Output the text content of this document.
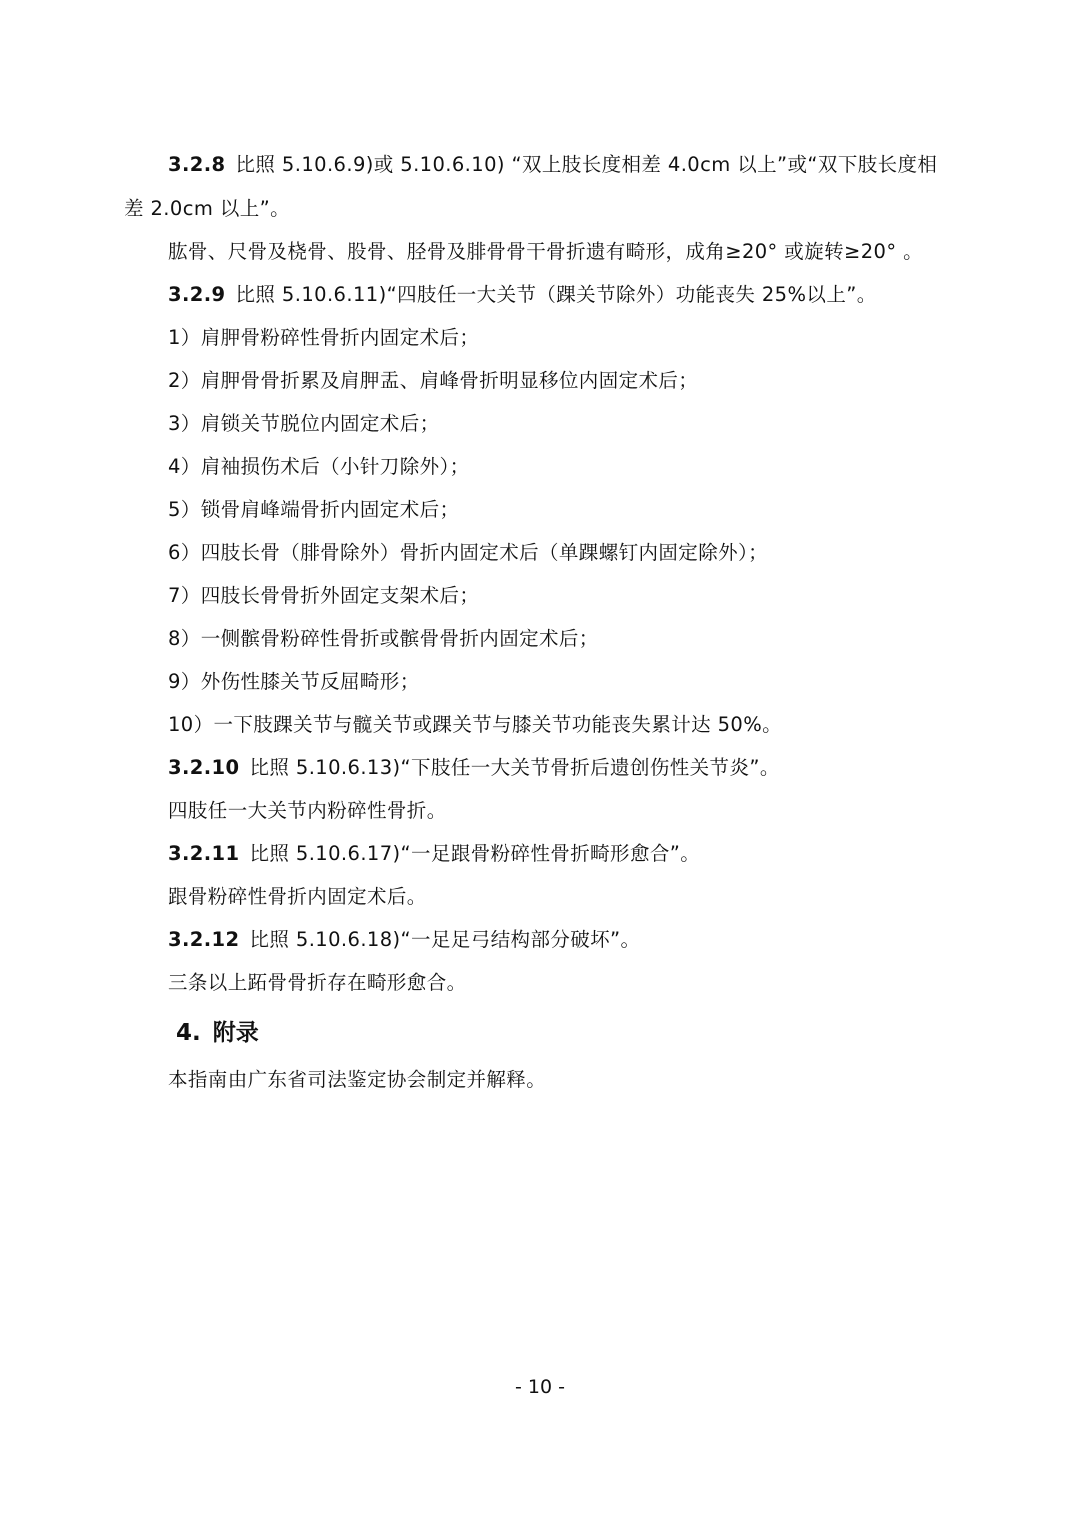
3.2.8 比照 5.10.6.9)或 5.10.6.10) “双上肢长度相差 4.0cm 以上”或“双下肢长度相
差 2.0cm 以上”。
肱骨、尺骨及桡骨、股骨、胫骨及腓骨骨干骨折遗有畸形，成角≥20° 或旋转≥20° 。
3.2.9 比照 5.10.6.11)“四肢任一大关节（踝关节除外）功能丧失 25%以上”。
1）肩胛骨粉碎性骨折内固定术后；
2）肩胛骨骨折累及肩胛盂、肩峰骨折明显移位内固定术后；
3）肩锁关节脱位内固定术后；
4）肩袖损伤术后（小针刀除外）；
5）锁骨肩峰端骨折内固定术后；
6）四肢长骨（腓骨除外）骨折内固定术后（单踝螺钉内固定除外）；
7）四肢长骨骨折外固定支架术后；
8）一侧髌骨粉碎性骨折或髌骨骨折内固定术后；
9）外伤性膝关节反屈畸形；
10）一下肢踝关节与髋关节或踝关节与膝关节功能丧失累计达 50%。
3.2.10 比照 5.10.6.13)“下肢任一大关节骨折后遗创伤性关节炎”。
四肢任一大关节内粉碎性骨折。
3.2.11 比照 5.10.6.17)“一足跟骨粉碎性骨折畸形愈合”。
跟骨粉碎性骨折内固定术后。
3.2.12 比照 5.10.6.18)“一足足弓结构部分破坏”。
三条以上跖骨骨折存在畸形愈合。
4. 附录
本指南由广东省司法鉴定协会制定并解释。
- 10 -
